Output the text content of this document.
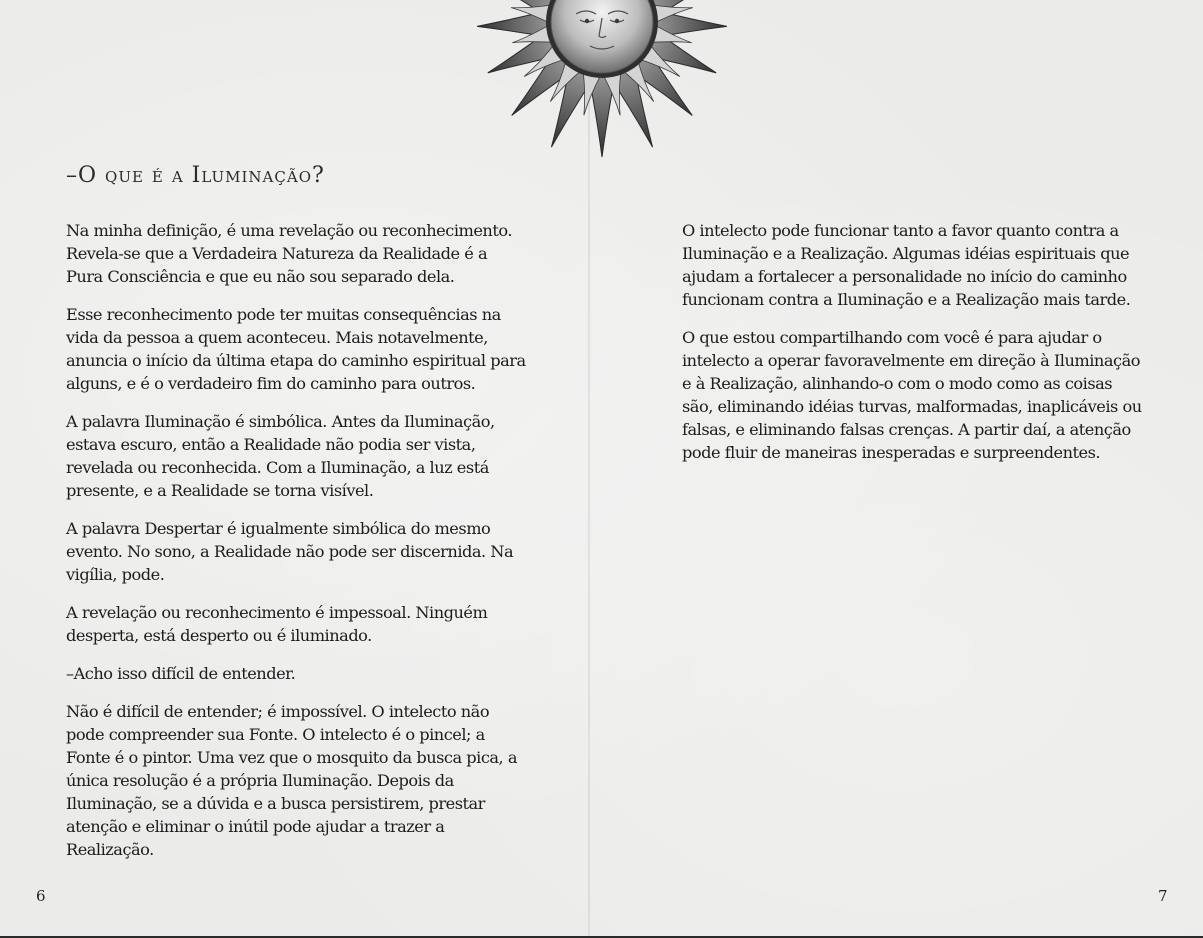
–O que é a Iluminação?

Na minha definição, é uma revelação ou reconhecimento. Revela-se que a Verdadeira Natureza da Realidade é a Pura Consciência e que eu não sou separado dela.

Esse reconhecimento pode ter muitas consequências na vida da pessoa a quem aconteceu. Mais notavelmente, anuncia o início da última etapa do caminho espiritual para alguns, e é o verdadeiro fim do caminho para outros.

A palavra Iluminação é simbólica. Antes da Iluminação, estava escuro, então a Realidade não podia ser vista, revelada ou reconhecida. Com a Iluminação, a luz está presente, e a Realidade se torna visível.

A palavra Despertar é igualmente simbólica do mesmo evento. No sono, a Realidade não pode ser discernida. Na vigília, pode.

A revelação ou reconhecimento é impessoal. Ninguém desperta, está desperto ou é iluminado.

–Acho isso difícil de entender.

Não é difícil de entender; é impossível. O intelecto não pode compreender sua Fonte. O intelecto é o pincel; a Fonte é o pintor. Uma vez que o mosquito da busca pica, a única resolução é a própria Iluminação. Depois da Iluminação, se a dúvida e a busca persistirem, prestar atenção e eliminar o inútil pode ajudar a trazer a Realização.

O intelecto pode funcionar tanto a favor quanto contra a Iluminação e a Realização. Algumas idéias espirituais que ajudam a fortalecer a personalidade no início do caminho funcionam contra a Iluminação e a Realização mais tarde.

O que estou compartilhando com você é para ajudar o intelecto a operar favoravelmente em direção à Iluminação e à Realização, alinhando-o com o modo como as coisas são, eliminando idéias turvas, malformadas, inaplicáveis ou falsas, e eliminando falsas crenças. A partir daí, a atenção pode fluir de maneiras inesperadas e surpreendentes.

6	7
